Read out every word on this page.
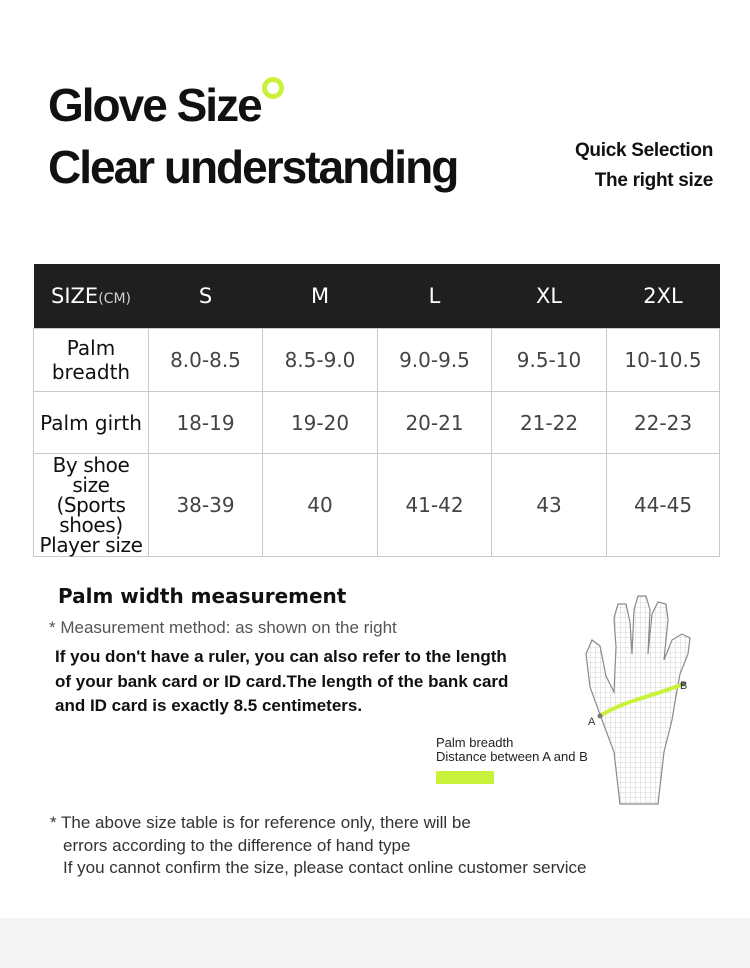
Glove Size
Clear understanding	Quick Selection
The right size
SIZE(CM)	S	M	L	XL	2XL

Palm
breadth	8.0-8.5	8.5-9.0	9.0-9.5	9.5-10	10-10.5

Palm girth	18-19	19-20	20-21	21-22	22-23

By shoe size
(Sports shoes)
Player size	38-39	40	41-42	43	44-45
Palm width measurement
* Measurement method: as shown on the right
If you don't have a ruler, you can also refer to the length
of your bank card or ID card.The length of the bank card
and ID card is exactly 8.5 centimeters.
Palm breadth
Distance between A and B
A
B
* The above size table is for reference only, there will be
errors according to the difference of hand type
If you cannot confirm the size, please contact online customer service
